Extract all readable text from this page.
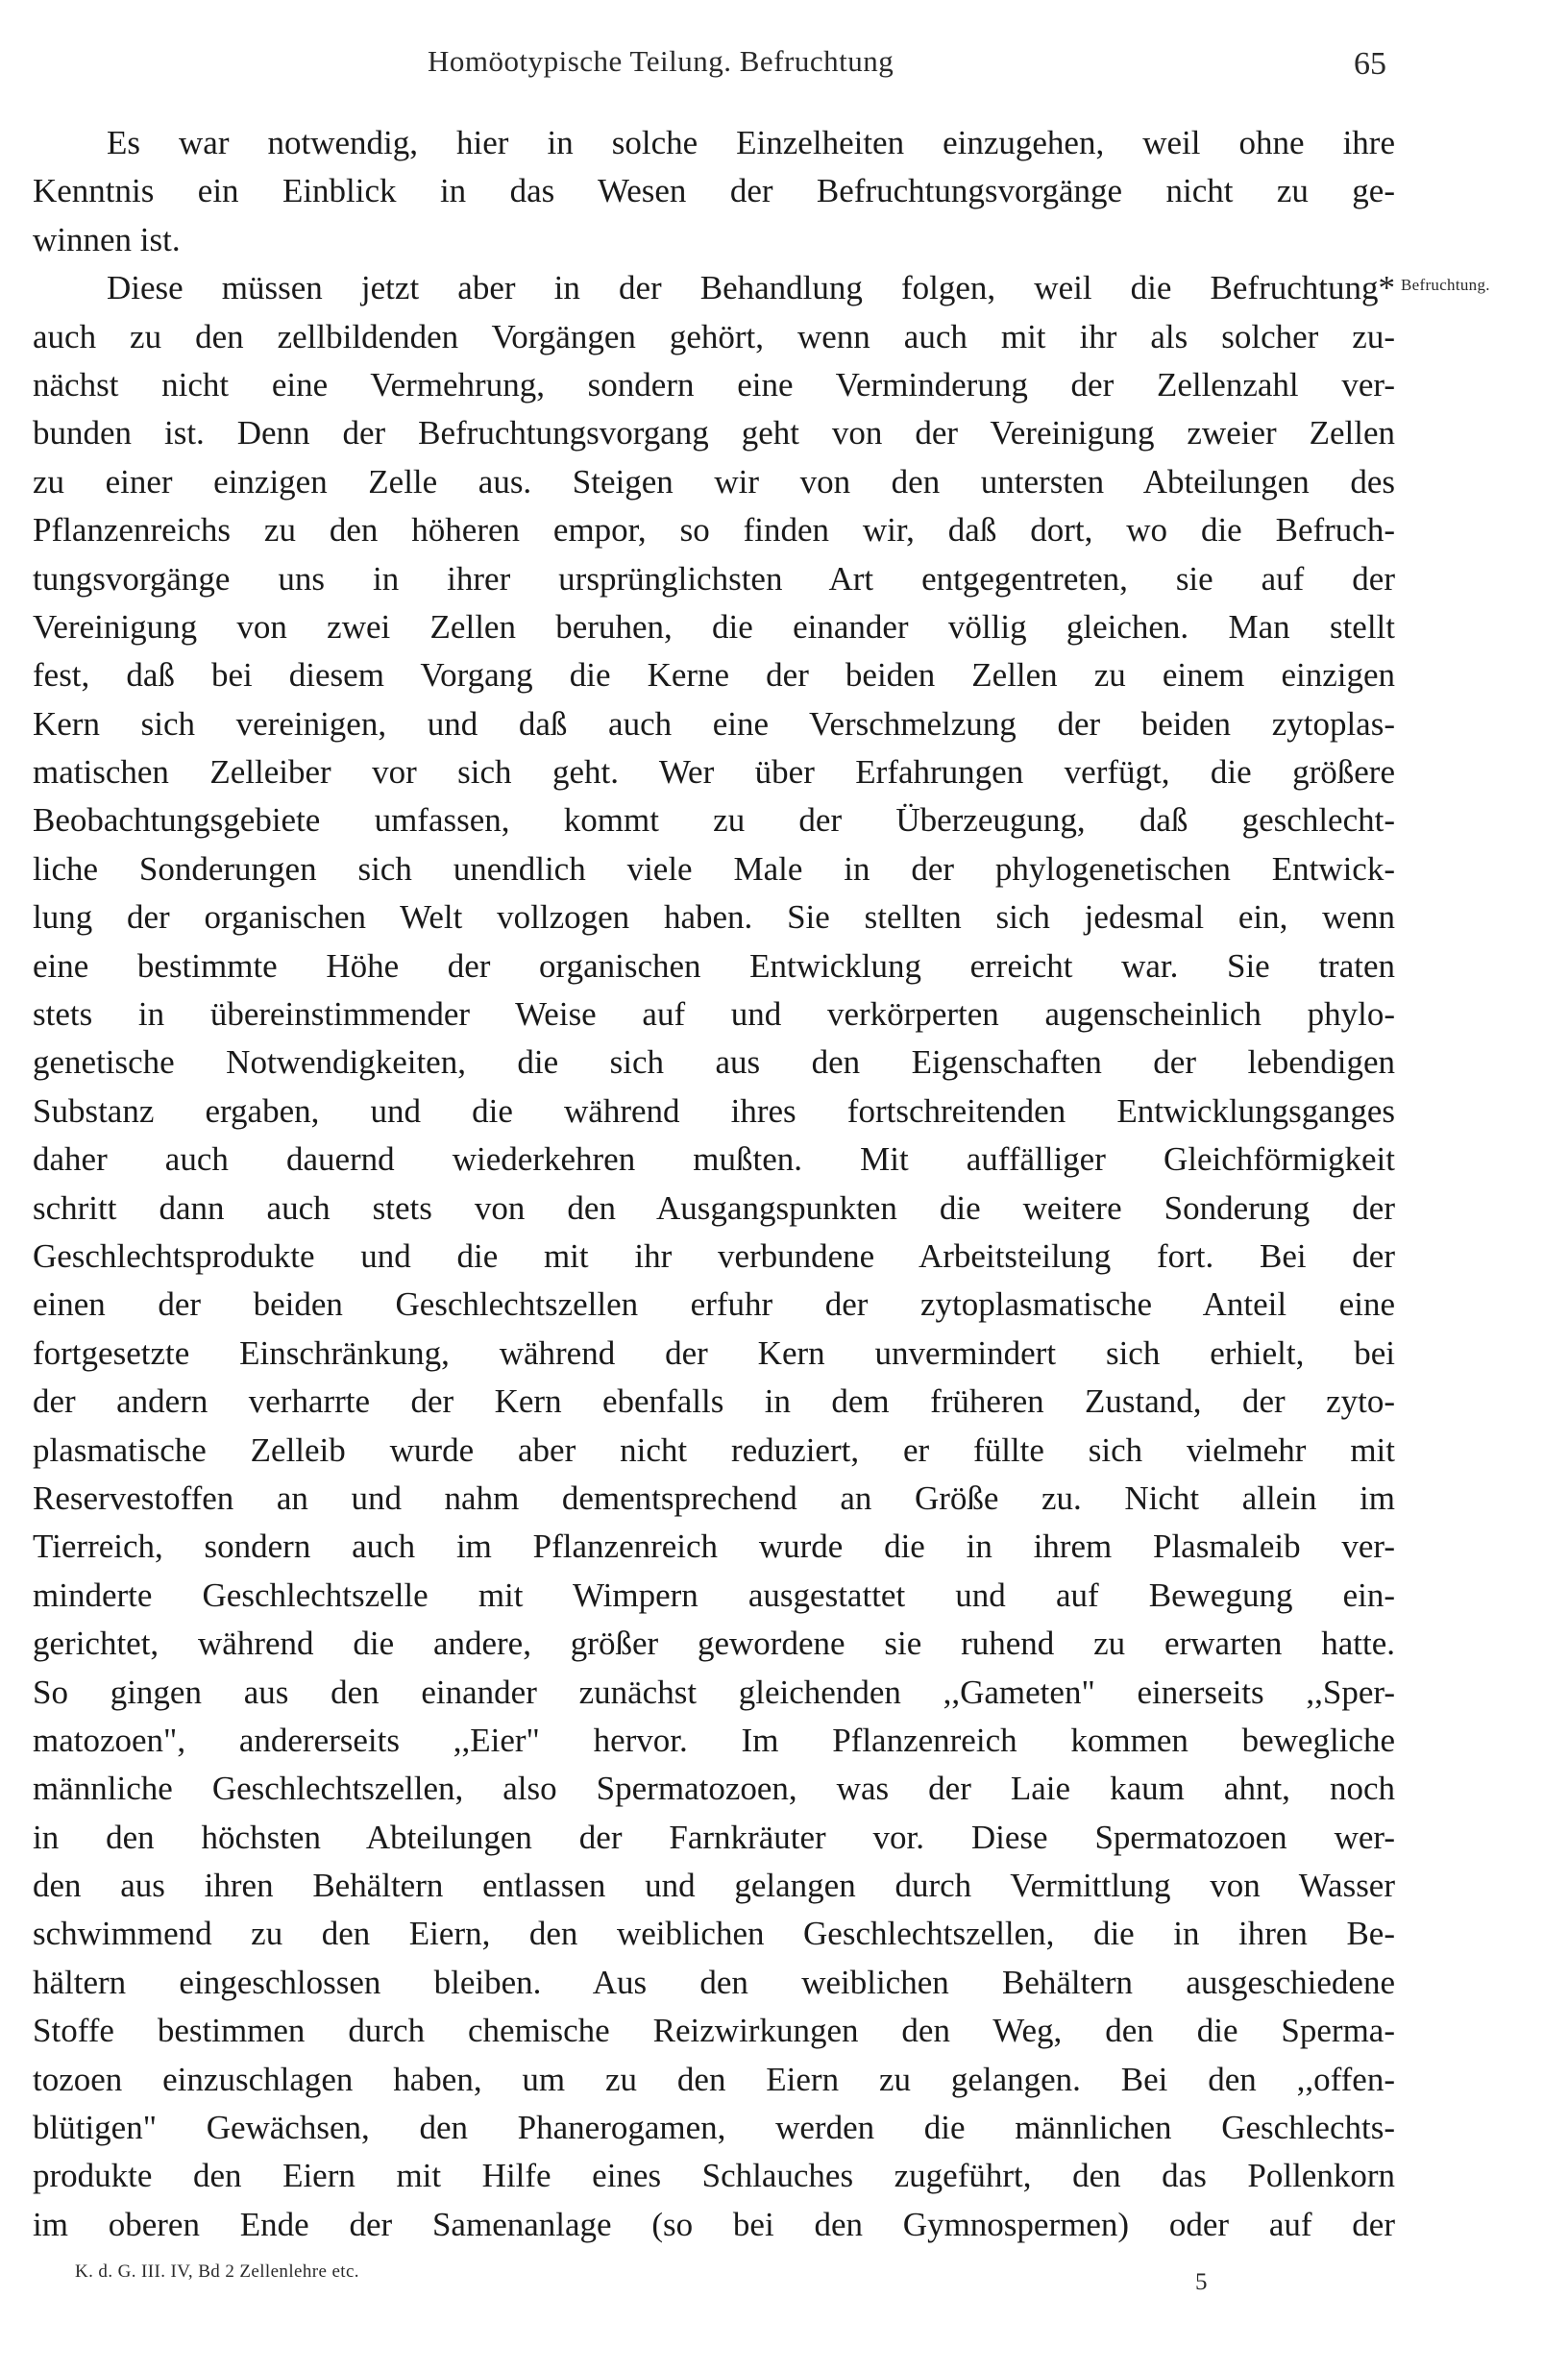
Homöotypische Teilung. Befruchtung	65
Befruchtung.
Es war notwendig, hier in solche Einzelheiten einzugehen, weil ohne ihre
Kenntnis ein Einblick in das Wesen der Befruchtungsvorgänge nicht zu ge-
winnen ist.
Diese müssen jetzt aber in der Behandlung folgen, weil die Befruchtung*
auch zu den zellbildenden Vorgängen gehört, wenn auch mit ihr als solcher zu-
nächst nicht eine Vermehrung, sondern eine Verminderung der Zellenzahl ver-
bunden ist. Denn der Befruchtungsvorgang geht von der Vereinigung zweier Zellen
zu einer einzigen Zelle aus. Steigen wir von den untersten Abteilungen des
Pflanzenreichs zu den höheren empor, so finden wir, daß dort, wo die Befruch-
tungsvorgänge uns in ihrer ursprünglichsten Art entgegentreten, sie auf der
Vereinigung von zwei Zellen beruhen, die einander völlig gleichen. Man stellt
fest, daß bei diesem Vorgang die Kerne der beiden Zellen zu einem einzigen
Kern sich vereinigen, und daß auch eine Verschmelzung der beiden zytoplas-
matischen Zelleiber vor sich geht. Wer über Erfahrungen verfügt, die größere
Beobachtungsgebiete umfassen, kommt zu der Überzeugung, daß geschlecht-
liche Sonderungen sich unendlich viele Male in der phylogenetischen Entwick-
lung der organischen Welt vollzogen haben. Sie stellten sich jedesmal ein, wenn
eine bestimmte Höhe der organischen Entwicklung erreicht war. Sie traten
stets in übereinstimmender Weise auf und verkörperten augenscheinlich phylo-
genetische Notwendigkeiten, die sich aus den Eigenschaften der lebendigen
Substanz ergaben, und die während ihres fortschreitenden Entwicklungsganges
daher auch dauernd wiederkehren mußten. Mit auffälliger Gleichförmigkeit
schritt dann auch stets von den Ausgangspunkten die weitere Sonderung der
Geschlechtsprodukte und die mit ihr verbundene Arbeitsteilung fort. Bei der
einen der beiden Geschlechtszellen erfuhr der zytoplasmatische Anteil eine
fortgesetzte Einschränkung, während der Kern unvermindert sich erhielt, bei
der andern verharrte der Kern ebenfalls in dem früheren Zustand, der zyto-
plasmatische Zelleib wurde aber nicht reduziert, er füllte sich vielmehr mit
Reservestoffen an und nahm dementsprechend an Größe zu. Nicht allein im
Tierreich, sondern auch im Pflanzenreich wurde die in ihrem Plasmaleib ver-
minderte Geschlechtszelle mit Wimpern ausgestattet und auf Bewegung ein-
gerichtet, während die andere, größer gewordene sie ruhend zu erwarten hatte.
So gingen aus den einander zunächst gleichenden ,,Gameten" einerseits ,,Sper-
matozoen", andererseits ,,Eier" hervor. Im Pflanzenreich kommen bewegliche
männliche Geschlechtszellen, also Spermatozoen, was der Laie kaum ahnt, noch
in den höchsten Abteilungen der Farnkräuter vor. Diese Spermatozoen wer-
den aus ihren Behältern entlassen und gelangen durch Vermittlung von Wasser
schwimmend zu den Eiern, den weiblichen Geschlechtszellen, die in ihren Be-
hältern eingeschlossen bleiben. Aus den weiblichen Behältern ausgeschiedene
Stoffe bestimmen durch chemische Reizwirkungen den Weg, den die Sperma-
tozoen einzuschlagen haben, um zu den Eiern zu gelangen. Bei den ,,offen-
blütigen" Gewächsen, den Phanerogamen, werden die männlichen Geschlechts-
produkte den Eiern mit Hilfe eines Schlauches zugeführt, den das Pollenkorn
im oberen Ende der Samenanlage (so bei den Gymnospermen) oder auf der
K. d. G. III. IV, Bd 2 Zellenlehre etc.	5
